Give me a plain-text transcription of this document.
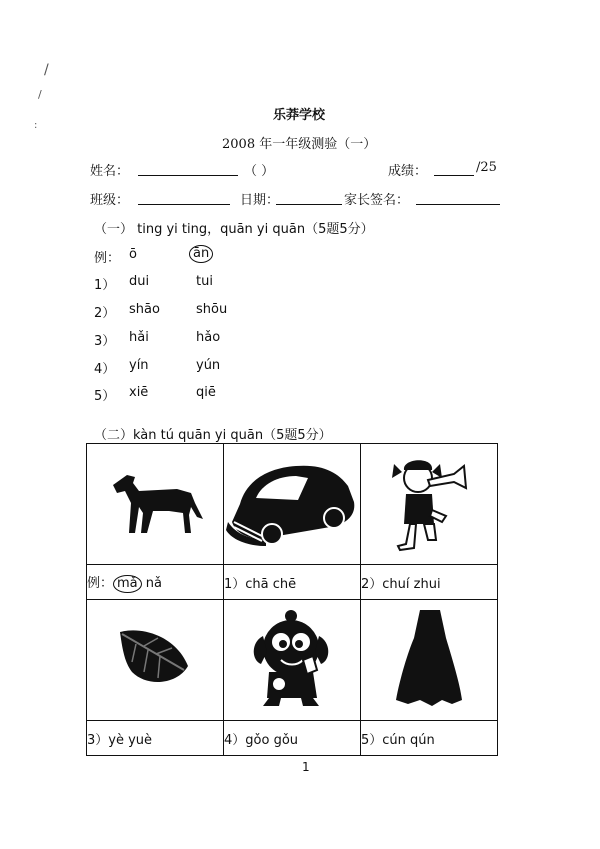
/
/
:
乐莽学校
2008 年一年级测验（一）
姓名：	（ ）	成绩：	/25
班级：	日期：	家长签名：
（一） ting yi ting，quān yi quān（5题5分）
例： ō	ān
1） dui	tui
2） shāo	shōu
3） hǎi	hǎo
4） yín	yún
5） xiē	qiē
（二）kàn tú quān yi quān（5题5分）

例： mǎ nǎ	1）chā chē	2）chuí zhui

3）yè yuè	4）gǒo gǒu	5）cún qún
1
